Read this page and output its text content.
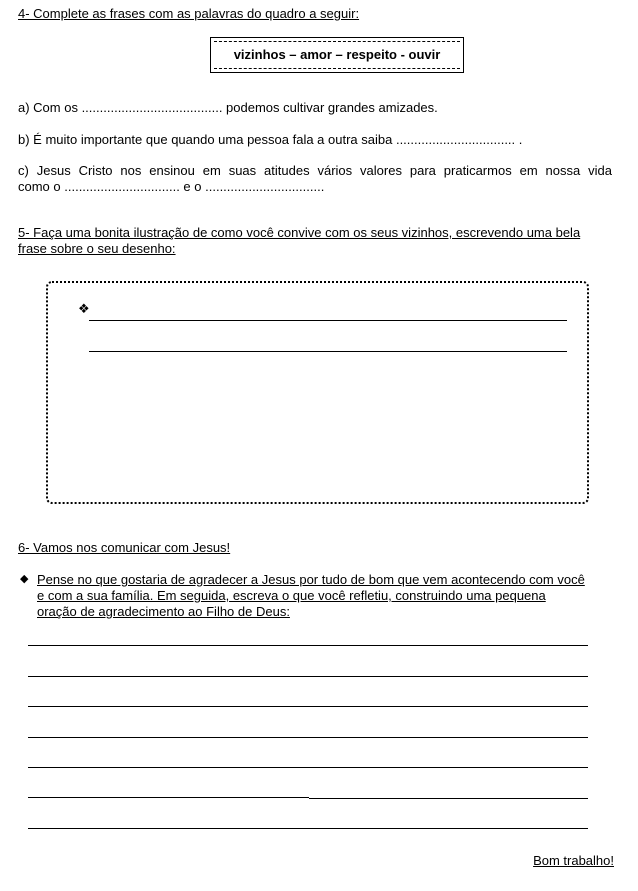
4- Complete as frases com as palavras do quadro a seguir:
vizinhos – amor – respeito - ouvir
a) Com os ....................................... podemos cultivar grandes amizades.
b) É muito importante que quando uma pessoa fala a outra saiba ................................. .
c) Jesus Cristo nos ensinou em suas atitudes vários valores para praticarmos em nossa vida
como o ................................ e o .................................
5- Faça uma bonita ilustração de como você convive com os seus vizinhos, escrevendo uma bela
frase sobre o seu desenho:
❖
6- Vamos nos comunicar com Jesus!
◆ Pense no que gostaria de agradecer a Jesus por tudo de bom que vem acontecendo com você
e com a sua família. Em seguida, escreva o que você refletiu, construindo uma pequena
oração de agradecimento ao Filho de Deus:
Bom trabalho!
